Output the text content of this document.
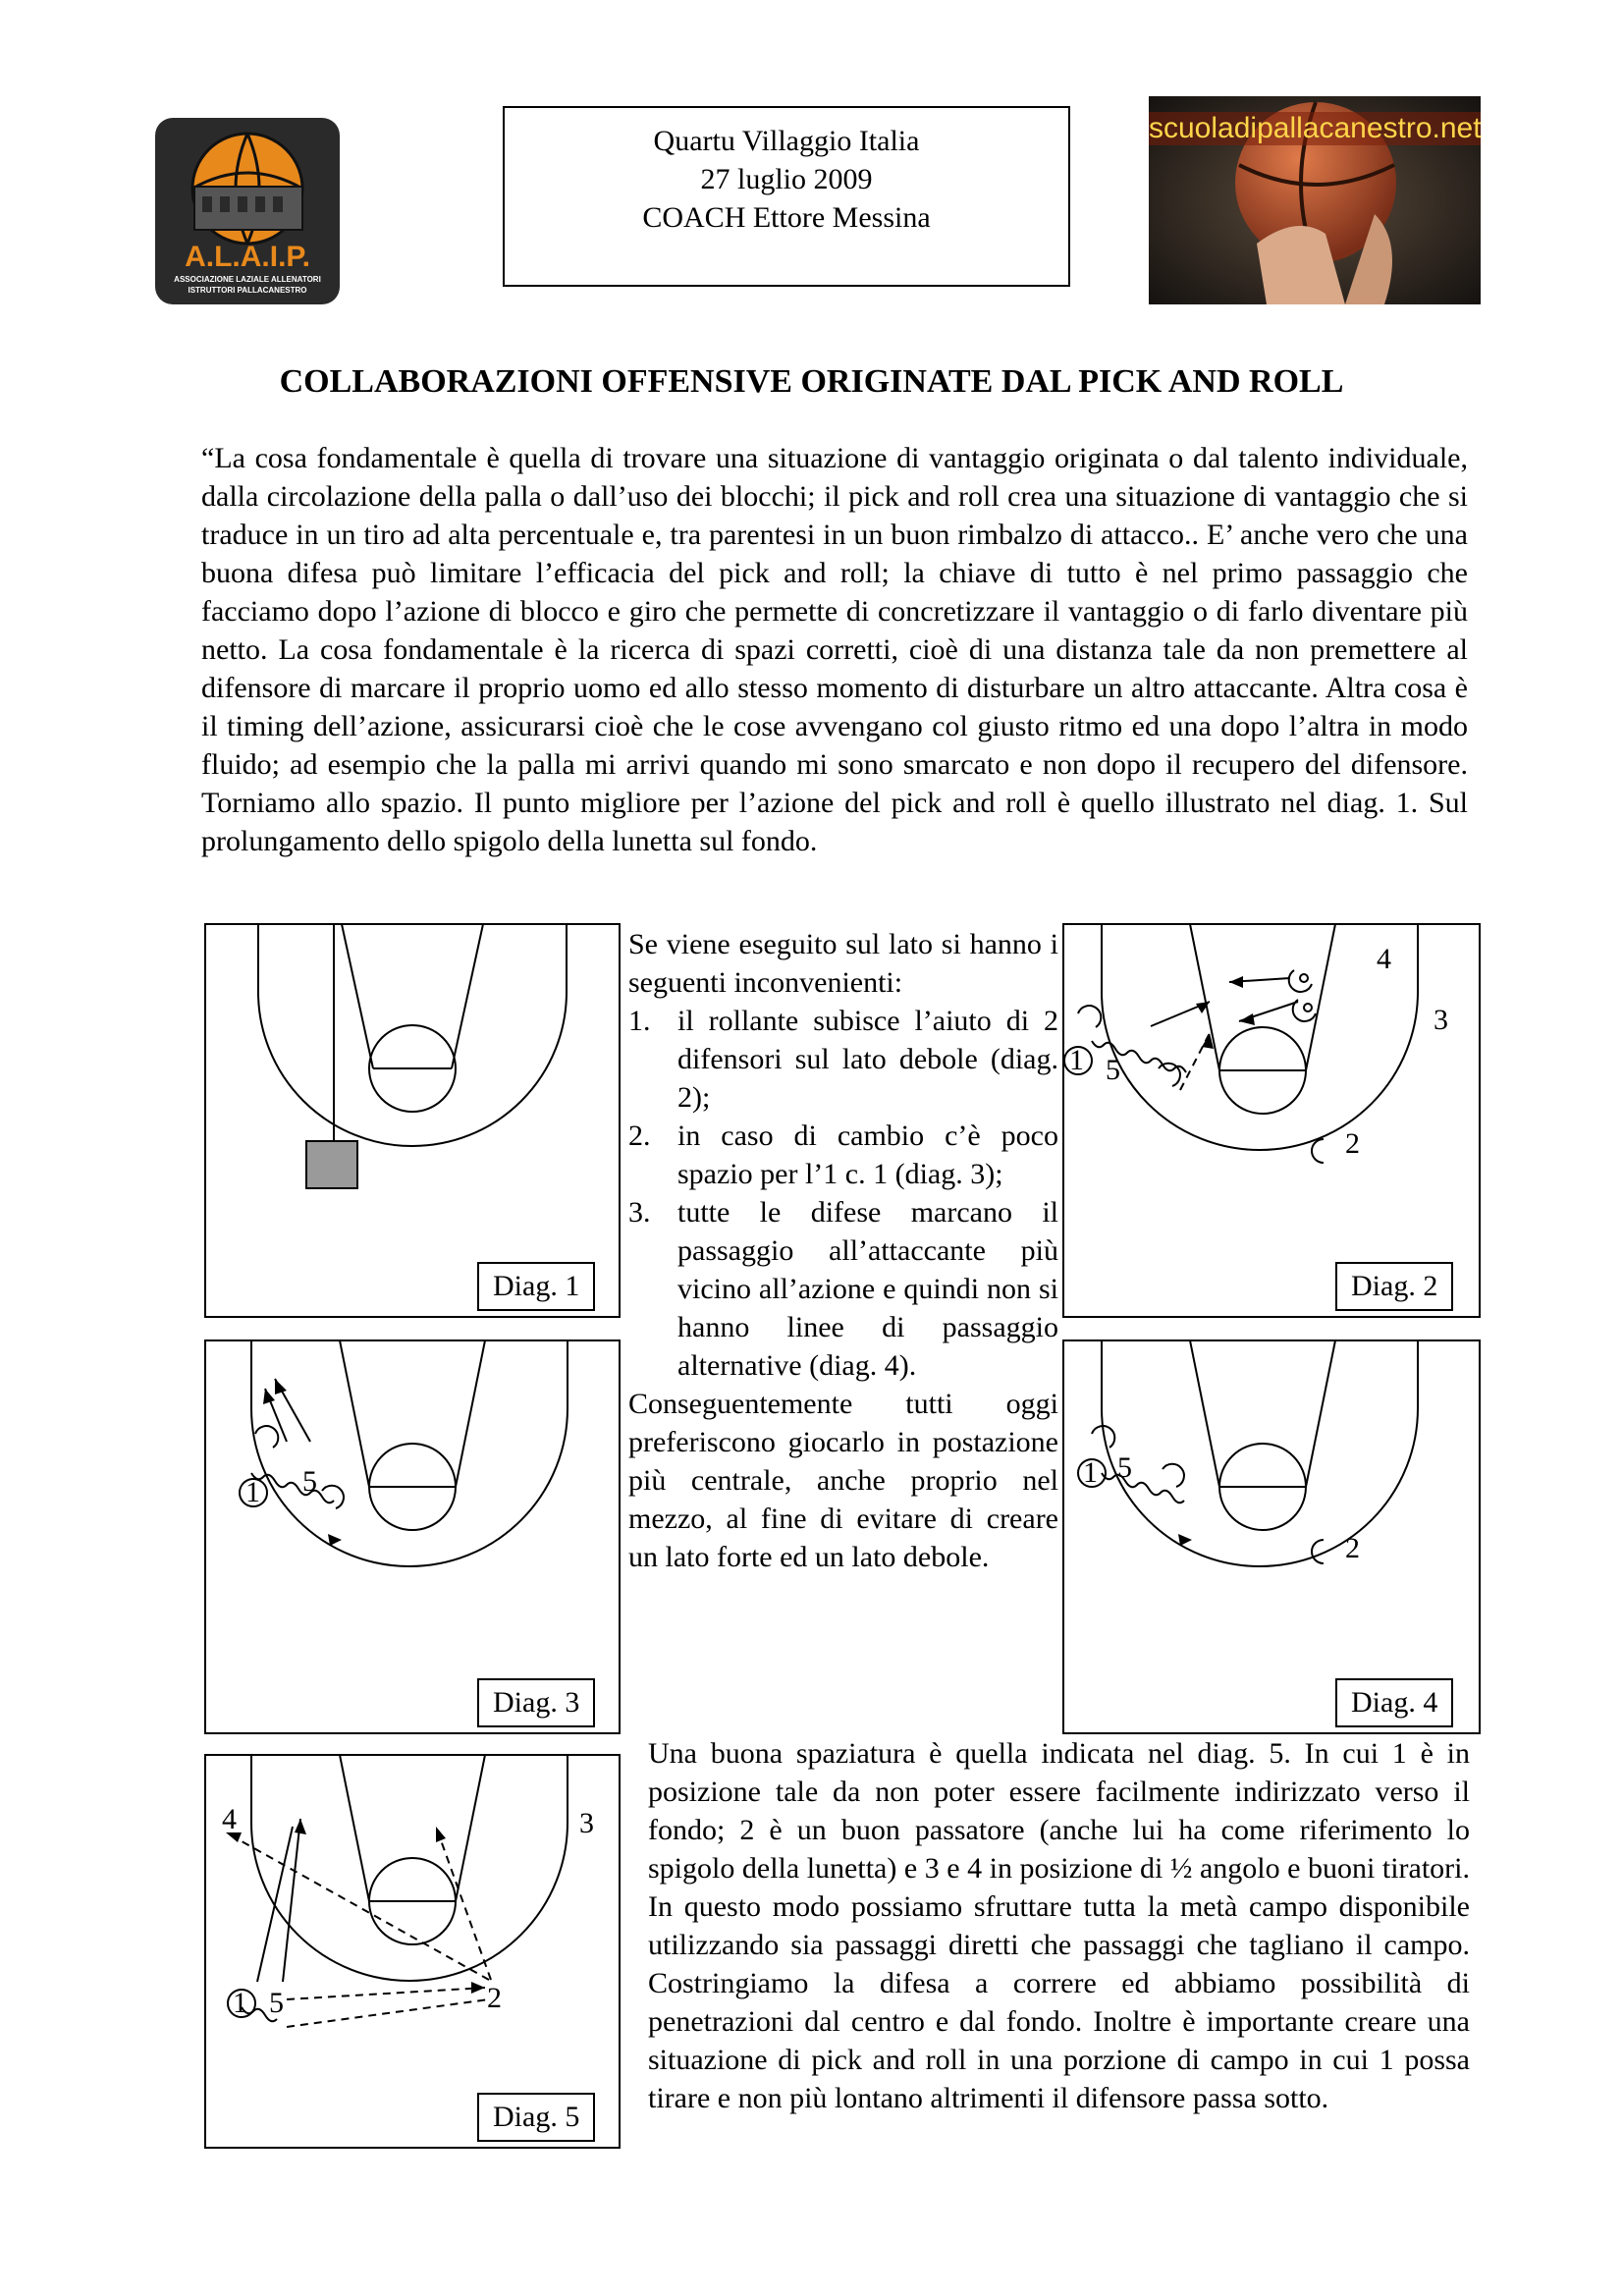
A.L.A.I.P.
ASSOCIAZIONE LAZIALE ALLENATORI
ISTRUTTORI PALLACANESTRO
Quartu Villaggio Italia
27 luglio 2009
COACH Ettore Messina
scuoladipallacanestro.net
COLLABORAZIONI OFFENSIVE ORIGINATE DAL PICK AND ROLL
“La cosa fondamentale è quella di trovare una situazione di vantaggio originata o dal talento individuale, dalla circolazione della palla o dall’uso dei blocchi; il pick and roll crea una situazione di vantaggio che si traduce in un tiro ad alta percentuale e, tra parentesi in un buon rimbalzo di attacco.. E’ anche vero che una buona difesa può limitare l’efficacia del pick and roll; la chiave di tutto è nel primo passaggio che facciamo dopo l’azione di blocco e giro che permette di concretizzare il vantaggio o di farlo diventare più netto. La cosa fondamentale è la ricerca di spazi corretti, cioè di una distanza tale da non premettere al difensore di marcare il proprio uomo ed allo stesso momento di disturbare un altro attaccante. Altra cosa è il timing dell’azione, assicurarsi cioè che le cose avvengano col giusto ritmo ed una dopo l’altra in modo fluido; ad esempio che la palla mi arrivi quando mi sono smarcato e non dopo il recupero del difensore. Torniamo allo spazio. Il punto migliore per l’azione del pick and roll è quello illustrato nel diag. 1. Sul prolungamento dello spigolo della lunetta sul fondo.
Diag. 1
1 5
2
3
4
Diag. 2

Se viene eseguito sul lato si hanno i seguenti inconvenienti:

1. il rollante subisce l’aiuto di 2 difensori sul lato debole (diag. 2);
2. in caso di cambio c’è poco spazio per l’1 c. 1 (diag. 3);
3. tutte le difese marcano il passaggio all’attaccante più vicino all’azione e quindi non si hanno linee di passaggio alternative (diag. 4).

Conseguentemente tutti oggi preferiscono giocarlo in postazione più centrale, anche proprio nel mezzo, al fine di evitare di creare un lato forte ed un lato debole.

1 5
Diag. 3
1 5
2
Diag. 4
1 5	2
3
4
Diag. 5
Una buona spaziatura è quella indicata nel diag. 5. In cui 1 è in posizione tale da non poter essere facilmente indirizzato verso il fondo; 2 è un buon passatore (anche lui ha come riferimento lo spigolo della lunetta) e 3 e 4 in posizione di ½ angolo e buoni tiratori. In questo modo possiamo sfruttare tutta la metà campo disponibile utilizzando sia passaggi diretti che passaggi che tagliano il campo. Costringiamo la difesa a correre ed abbiamo possibilità di penetrazioni dal centro e dal fondo. Inoltre è importante creare una situazione di pick and roll in una porzione di campo in cui 1 possa tirare e non più lontano altrimenti il difensore passa sotto.
